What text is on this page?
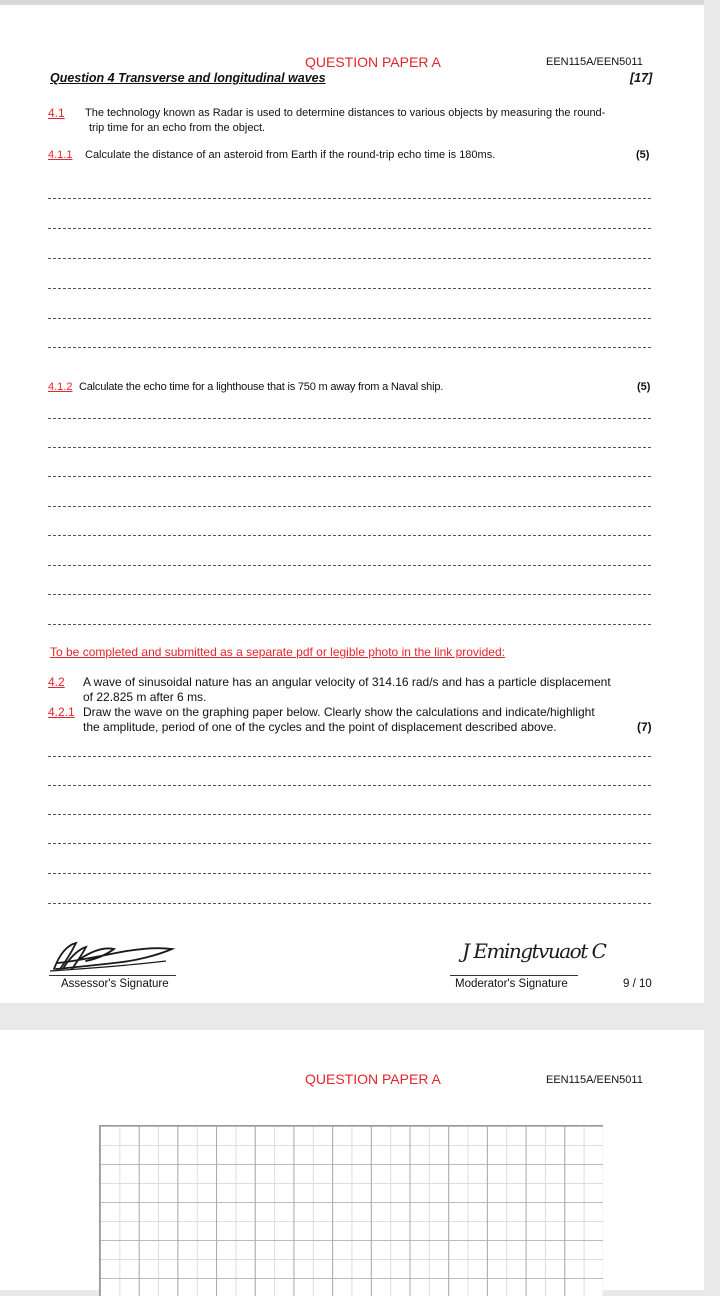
QUESTION PAPER A	EEN115A/EEN5011
Question 4 Transverse and longitudinal waves	[17]
4.1 The technology known as Radar is used to determine distances to various objects by measuring the round-
trip time for an echo from the object.
4.1.1 Calculate the distance of an asteroid from Earth if the round-trip echo time is 180ms.	(5)
4.1.2 Calculate the echo time for a lighthouse that is 750 m away from a Naval ship.	(5)
To be completed and submitted as a separate pdf or legible photo in the link provided:
4.2 A wave of sinusoidal nature has an angular velocity of 314.16 rad/s and has a particle displacement
of 22.825 m after 6 ms.
4.2.1 Draw the wave on the graphing paper below. Clearly show the calculations and indicate/highlight
the amplitude, period of one of the cycles and the point of displacement described above.	(7)
Assessor's Signature
J Emingtvuaot C
Moderator's Signature	9 / 10
QUESTION PAPER A	EEN115A/EEN5011
